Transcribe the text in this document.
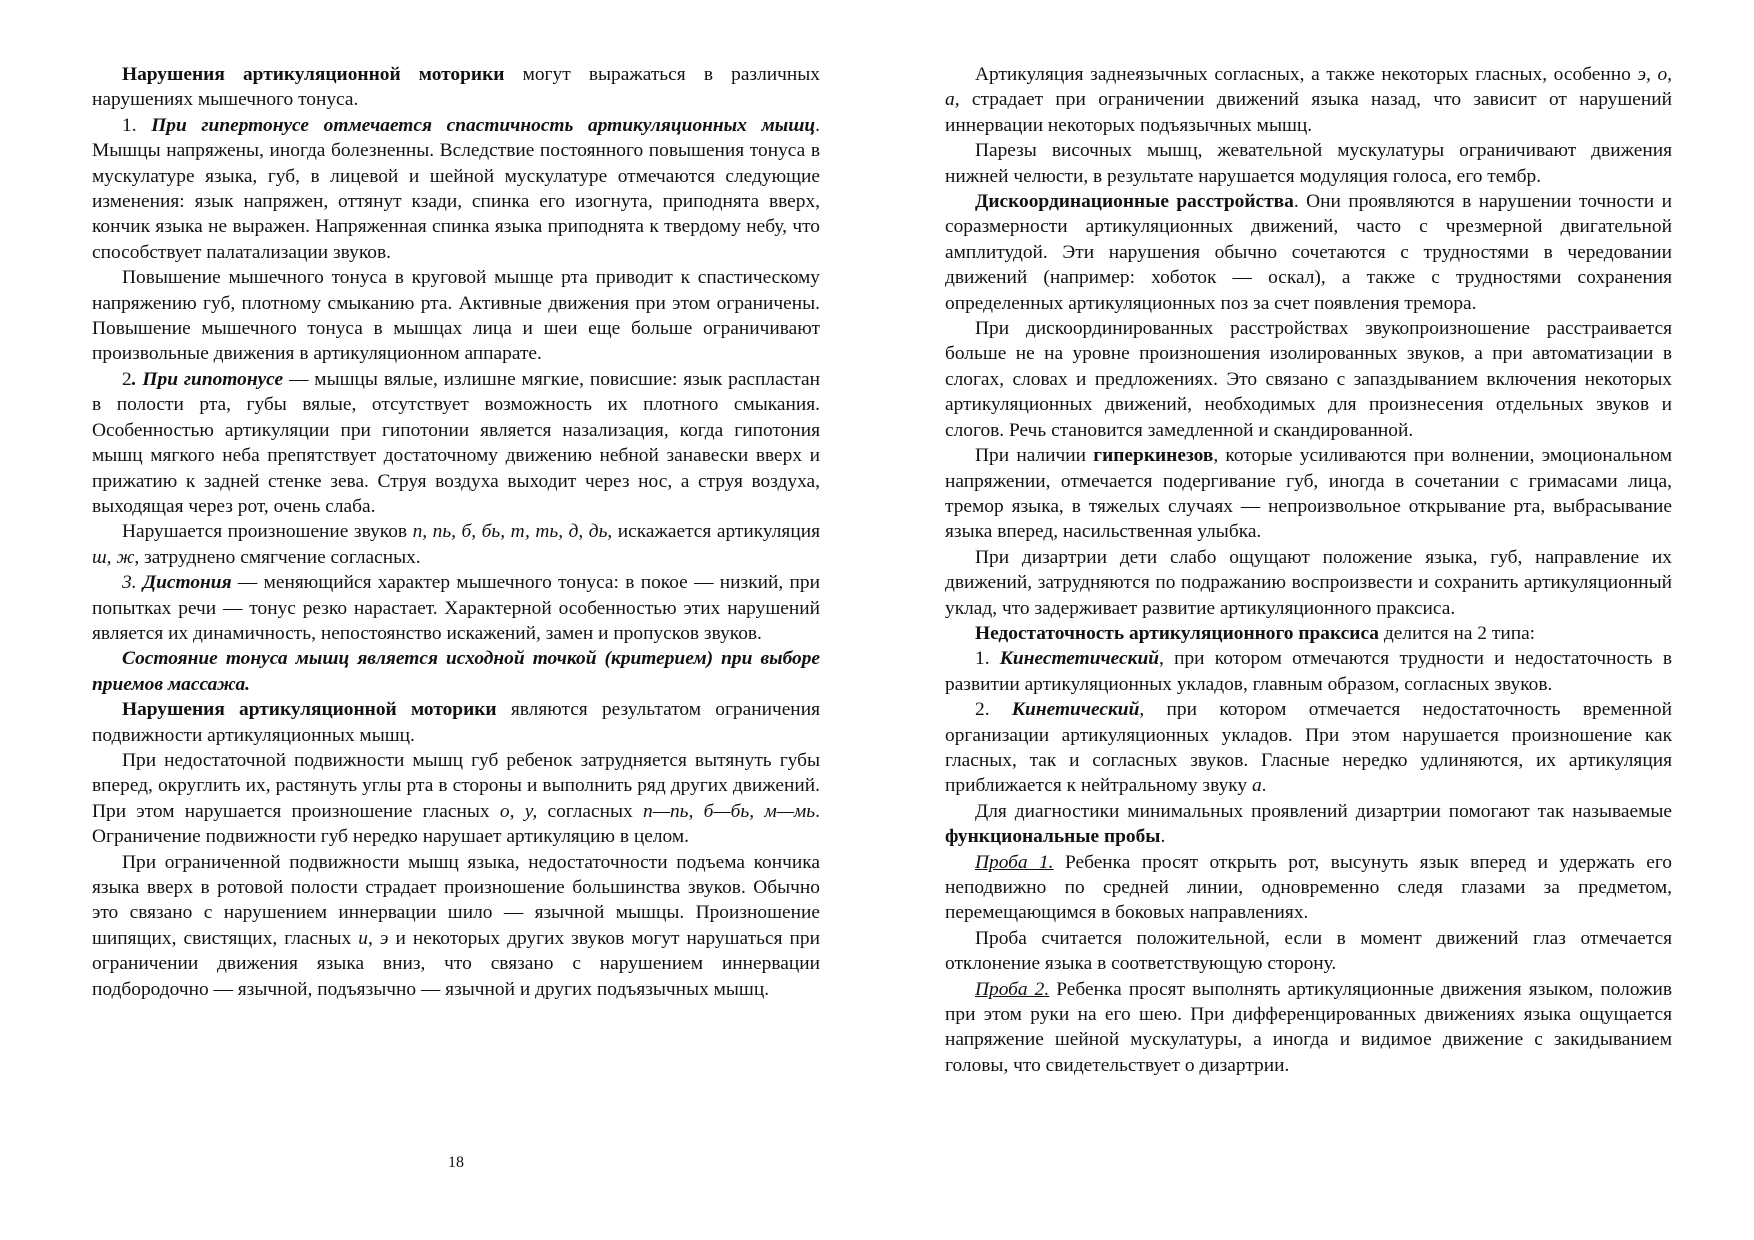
Нарушения артикуляционной моторики могут выражаться в различных нарушениях мышечного тонуса.

1. При гипертонусе отмечается спастичность артикуляционных мышц. Мышцы напряжены, иногда болезненны. Вследствие постоянного повышения тонуса в мускулатуре языка, губ, в лицевой и шейной мускулатуре отмечаются следующие изменения: язык напряжен, оттянут кзади, спинка его изогнута, приподнята вверх, кончик языка не выражен. Напряженная спинка языка приподнята к твердому небу, что способствует палатализации звуков.

Повышение мышечного тонуса в круговой мышце рта приводит к спастическому напряжению губ, плотному смыканию рта. Активные движения при этом ограничены. Повышение мышечного тонуса в мышцах лица и шеи еще больше ограничивают произвольные движения в артикуляционном аппарате.

2. При гипотонусе — мышцы вялые, излишне мягкие, повисшие: язык распластан в полости рта, губы вялые, отсутствует возможность их плотного смыкания. Особенностью артикуляции при гипотонии является назализация, когда гипотония мышц мягкого неба препятствует достаточному движению небной занавески вверх и прижатию к задней стенке зева. Струя воздуха выходит через нос, а струя воздуха, выходящая через рот, очень слаба.

Нарушается произношение звуков п, пь, б, бь, т, ть, д, дь, искажается артикуляция ш, ж, затруднено смягчение согласных.

3. Дистония — меняющийся характер мышечного тонуса: в покое — низкий, при попытках речи — тонус резко нарастает. Характерной особенностью этих нарушений является их динамичность, непостоянство искажений, замен и пропусков звуков.

Состояние тонуса мышц является исходной точкой (критерием) при выборе приемов массажа.

Нарушения артикуляционной моторики являются результатом ограничения подвижности артикуляционных мышц.

При недостаточной подвижности мышц губ ребенок затрудняется вытянуть губы вперед, округлить их, растянуть углы рта в стороны и выполнить ряд других движений. При этом нарушается произношение гласных о, у, согласных п—пь, б—бь, м—мь. Ограничение подвижности губ нередко нарушает артикуляцию в целом.

При ограниченной подвижности мышц языка, недостаточности подъема кончика языка вверх в ротовой полости страдает произношение большинства звуков. Обычно это связано с нарушением иннервации шило — язычной мышцы. Произношение шипящих, свистящих, гласных и, э и некоторых других звуков могут нарушаться при ограничении движения языка вниз, что связано с нарушением иннервации подбородочно — язычной, подъязычно — язычной и других подъязычных мышц.

18

Артикуляция заднеязычных согласных, а также некоторых гласных, особенно э, о, а, страдает при ограничении движений языка назад, что зависит от нарушений иннервации некоторых подъязычных мышц.

Парезы височных мышц, жевательной мускулатуры ограничивают движения нижней челюсти, в результате нарушается модуляция голоса, его тембр.

Дискоординационные расстройства. Они проявляются в нарушении точности и соразмерности артикуляционных движений, часто с чрезмерной двигательной амплитудой. Эти нарушения обычно сочетаются с трудностями в чередовании движений (например: хоботок — оскал), а также с трудностями сохранения определенных артикуляционных поз за счет появления тремора.

При дискоординированных расстройствах звукопроизношение расстраивается больше не на уровне произношения изолированных звуков, а при автоматизации в слогах, словах и предложениях. Это связано с запаздыванием включения некоторых артикуляционных движений, необходимых для произнесения отдельных звуков и слогов. Речь становится замедленной и скандированной.

При наличии гиперкинезов, которые усиливаются при волнении, эмоциональном напряжении, отмечается подергивание губ, иногда в сочетании с гримасами лица, тремор языка, в тяжелых случаях — непроизвольное открывание рта, выбрасывание языка вперед, насильственная улыбка.

При дизартрии дети слабо ощущают положение языка, губ, направление их движений, затрудняются по подражанию воспроизвести и сохранить артикуляционный уклад, что задерживает развитие артикуляционного праксиса.

Недостаточность артикуляционного праксиса делится на 2 типа:

1. Кинестетический, при котором отмечаются трудности и недостаточность в развитии артикуляционных укладов, главным образом, согласных звуков.

2. Кинетический, при котором отмечается недостаточность временной организации артикуляционных укладов. При этом нарушается произношение как гласных, так и согласных звуков. Гласные нередко удлиняются, их артикуляция приближается к нейтральному звуку а.

Для диагностики минимальных проявлений дизартрии помогают так называемые функциональные пробы.

Проба 1. Ребенка просят открыть рот, высунуть язык вперед и удержать его неподвижно по средней линии, одновременно следя глазами за предметом, перемещающимся в боковых направлениях.

Проба считается положительной, если в момент движений глаз отмечается отклонение языка в соответствующую сторону.

Проба 2. Ребенка просят выполнять артикуляционные движения языком, положив при этом руки на его шею. При дифференцированных движениях языка ощущается напряжение шейной мускулатуры, а иногда и видимое движение с закидыванием головы, что свидетельствует о дизартрии.
